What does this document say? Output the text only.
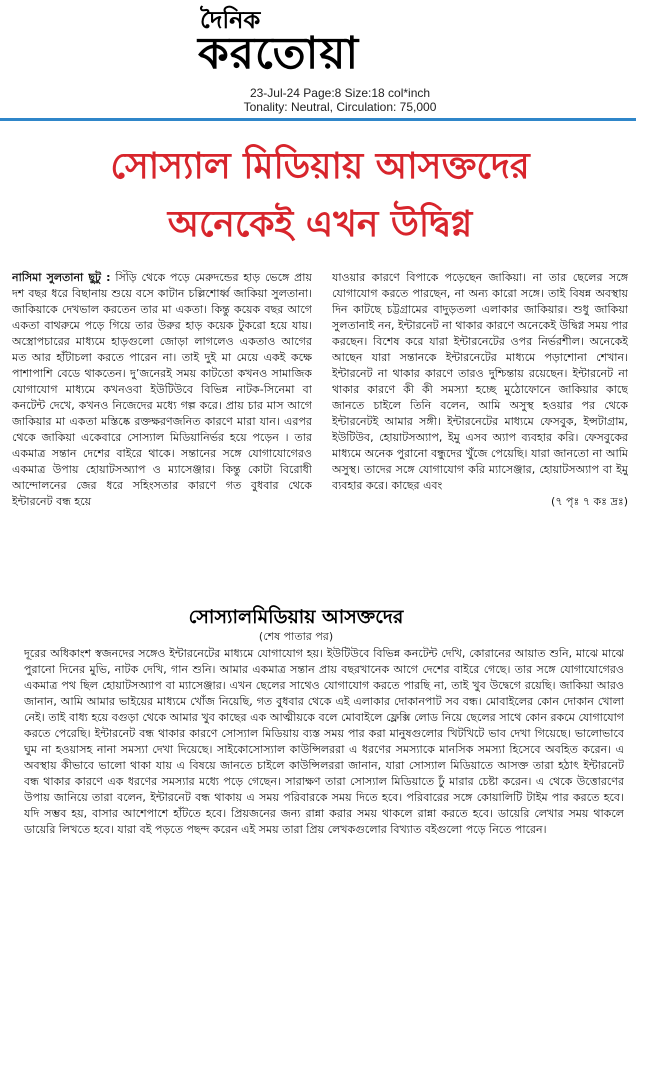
দৈনিক
করতোয়া
23-Jul-24 Page:8 Size:18 col*inch
Tonality: Neutral, Circulation: 75,000
সোস্যাল মিডিয়ায় আসক্তদের
অনেকেই এখন উদ্বিগ্ন

নাসিমা সুলতানা ছুটু : সিঁড়ি থেকে পড়ে মেরুদন্ডের হাড় ভেঙ্গে প্রায় দশ বছর ধরে বিছানায় শুয়ে বসে কাটান চল্লিশোর্ধ্ব জাকিয়া সুলতানা। জাকিয়াকে দেখভাল করতেন তার মা একতা। কিন্তু কয়েক বছর আগে একতা বাথরুমে পড়ে গিয়ে তার উরুর হাড় কয়েক টুকরো হয়ে যায়। অস্ত্রোপচারের মাধ্যমে হাড়গুলো জোড়া লাগলেও একতাও আগের মত আর হাঁটাচলা করতে পারেন না। তাই দুই মা মেয়ে একই কক্ষে পাশাপাশি বেডে থাকতেন। দু’জনেরই সময় কাটতো কখনও সামাজিক যোগাযোগ মাধ্যমে কখনওবা ইউটিউবে বিভিন্ন নাটক-সিনেমা বা কনটেন্ট দেখে, কখনও নিজেদের মধ্যে গল্প করে। প্রায় চার মাস আগে জাকিয়ার মা একতা মস্তিষ্কে রক্তক্ষরণজনিত কারণে মারা যান। এরপর থেকে জাকিয়া একেবারে সোস্যাল মিডিয়ানির্ভর হয়ে পড়েন । তার একমাত্র সন্তান দেশের বাইরে থাকে। সন্তানের সঙ্গে যোগাযোগেরও একমাত্র উপায় হোয়াটসঅ্যাপ ও ম্যাসেঞ্জার। কিন্তু কোটা বিরোধী আন্দোলনের জের ধরে সহিংসতার কারণে গত বুধবার থেকে ইন্টারনেট বন্ধ হয়ে

যাওয়ার কারণে বিপাকে পড়েছেন জাকিয়া। না তার ছেলের সঙ্গে যোগাযোগ করতে পারছেন, না অন্য কারো সঙ্গে। তাই বিষন্ন অবস্থায় দিন কাটছে চট্টগ্রামের বাদুড়তলা এলাকার জাকিয়ার। শুধু জাকিয়া সুলতানাই নন, ইন্টারনেট না থাকার কারণে অনেকেই উদ্বিগ্ন সময় পার করছেন। বিশেষ করে যারা ইন্টারনেটের ওপর নির্ভরশীল। অনেকেই আছেন যারা সন্তানকে ইন্টারনেটের মাধ্যমে পড়াশোনা শেখান। ইন্টারনেট না থাকার কারণে তারও দুশ্চিন্তায় রয়েছেন। ইন্টারনেট না থাকার কারণে কী কী সমস্যা হচ্ছে মুঠোফোনে জাকিয়ার কাছে জানতে চাইলে তিনি বলেন, আমি অসুস্থ হওয়ার পর থেকে ইন্টারনেটই আমার সঙ্গী। ইন্টারনেটের মাধ্যমে ফেসবুক, ইন্সটাগ্রাম, ইউটিউব, হোয়াটসঅ্যাপ, ইমু এসব অ্যাপ ব্যবহার করি। ফেসবুকের মাধ্যমে অনেক পুরানো বন্ধুদের খুঁজে পেয়েছি। যারা জানতো না আমি অসুস্থ। তাদের সঙ্গে যোগাযোগ করি ম্যাসেঞ্জার, হোয়াটসঅ্যাপ বা ইমু ব্যবহার করে। কাছের এবং
(৭ পৃঃ ৭ কঃ দ্রঃ)

সোস্যালমিডিয়ায় আসক্তদের
(শেষ পাতার পর)

দূরের অধিকাংশ স্বজনদের সঙ্গেও ইন্টারনেটের মাধ্যমে যোগাযোগ হয়। ইউটিউবে বিভিন্ন কনটেন্ট দেখি, কোরানের আয়াত শুনি, মাঝে মাঝে পুরানো দিনের মুভি, নাটক দেখি, গান শুনি। আমার একমাত্র সন্তান প্রায় বছরখানেক আগে দেশের বাইরে গেছে। তার সঙ্গে যোগাযোগেরও একমাত্র পথ ছিল হোয়াটসঅ্যাপ বা ম্যাসেঞ্জার। এখন ছেলের সাথেও যোগাযোগ করতে পারছি না, তাই খুব উদ্বেগে রয়েছি। জাকিয়া আরও জানান, আমি আমার ভাইয়ের মাধ্যমে খোঁজ নিয়েছি, গত বুধবার থেকে এই এলাকার দোকানপাট সব বন্ধ। মোবাইলের কোন দোকান খোলা নেই। তাই বাধ্য হয়ে বগুড়া থেকে আমার খুব কাছের এক আত্মীয়কে বলে মোবাইলে ফ্লেক্সি লোড নিয়ে ছেলের সাথে কোন রকমে যোগাযোগ করতে পেরেছি। ইন্টারনেট বন্ধ থাকার কারণে সোস্যাল মিডিয়ায় ব্যস্ত সময় পার করা মানুষগুলোর খিটখিটে ভাব দেখা গিয়েছে। ভালোভাবে ঘুম না হওয়াসহ নানা সমস্যা দেখা দিয়েছে। সাইকোসোস্যাল কাউন্সিলররা এ ধরণের সমস্যাকে মানসিক সমস্যা হিসেবে অবহিত করেন। এ অবস্থায় কীভাবে ভালো থাকা যায় এ বিষয়ে জানতে চাইলে কাউন্সিলররা জানান, যারা সোস্যাল মিডিয়াতে আসক্ত তারা হঠাৎ ইন্টারনেট বন্ধ থাকার কারণে এক ধরণের সমস্যার মধ্যে পড়ে গেছেন। সারাক্ষণ তারা সোস্যাল মিডিয়াতে ঢুঁ মারার চেষ্টা করেন। এ থেকে উত্তোরণের উপায় জানিয়ে তারা বলেন, ইন্টারনেট বন্ধ থাকায় এ সময় পরিবারকে সময় দিতে হবে। পরিবারের সঙ্গে কোয়ালিটি টাইম পার করতে হবে। যদি সম্ভব হয়, বাসার আশেপাশে হাঁটতে হবে। প্রিয়জনের জন্য রান্না করার সময় থাকলে রান্না করতে হবে। ডায়েরি লেখার সময় থাকলে ডায়েরি লিখতে হবে। যারা বই পড়তে পছন্দ করেন এই সময় তারা প্রিয় লেখকগুলোর বিখ্যাত বইগুলো পড়ে নিতে পারেন।
